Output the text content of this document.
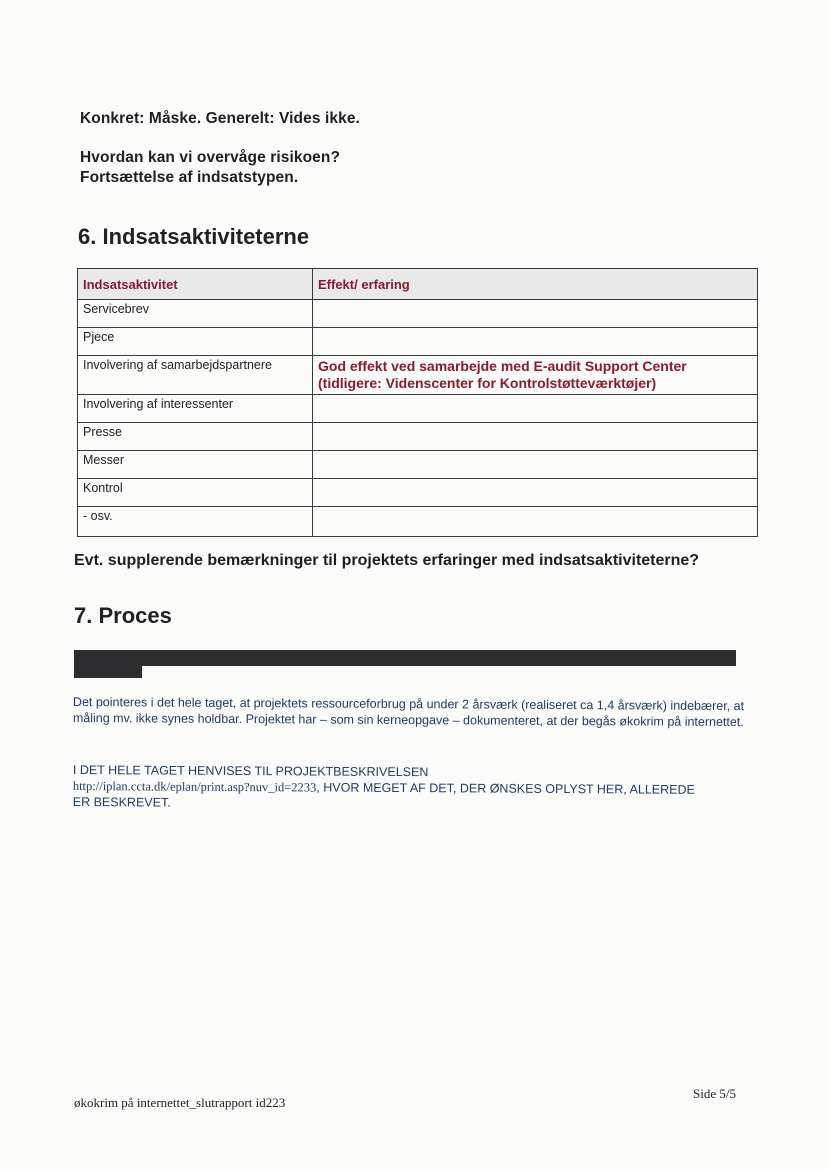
Konkret: Måske. Generelt: Vides ikke.
Hvordan kan vi overvåge risikoen?
Fortsættelse af indsatstypen.
6. Indsatsaktiviteterne
Indsatsaktivitet	Effekt/ erfaring
Servicebrev	
Pjece	
Involvering af samarbejdspartnere	God effekt ved samarbejde med E-audit Support Center (tidligere: Videnscenter for Kontrolstøtteværktøjer)
Involvering af interessenter	
Presse	
Messer	
Kontrol	
- osv.	
Evt. supplerende bemærkninger til projektets erfaringer med indsatsaktiviteterne?
7. Proces
Det pointeres i det hele taget, at projektets ressourceforbrug på under 2 årsværk (realiseret ca 1,4 årsværk) indebærer, at måling mv. ikke synes holdbar. Projektet har – som sin kerneopgave – dokumenteret, at der begås økokrim på internettet.
I DET HELE TAGET HENVISES TIL PROJEKTBESKRIVELSEN
http://iplan.ccta.dk/eplan/print.asp?nuv_id=2233, HVOR MEGET AF DET, DER ØNSKES OPLYST HER, ALLEREDE ER BESKREVET.
økokrim på internettet_slutrapport id223
Side 5/5
